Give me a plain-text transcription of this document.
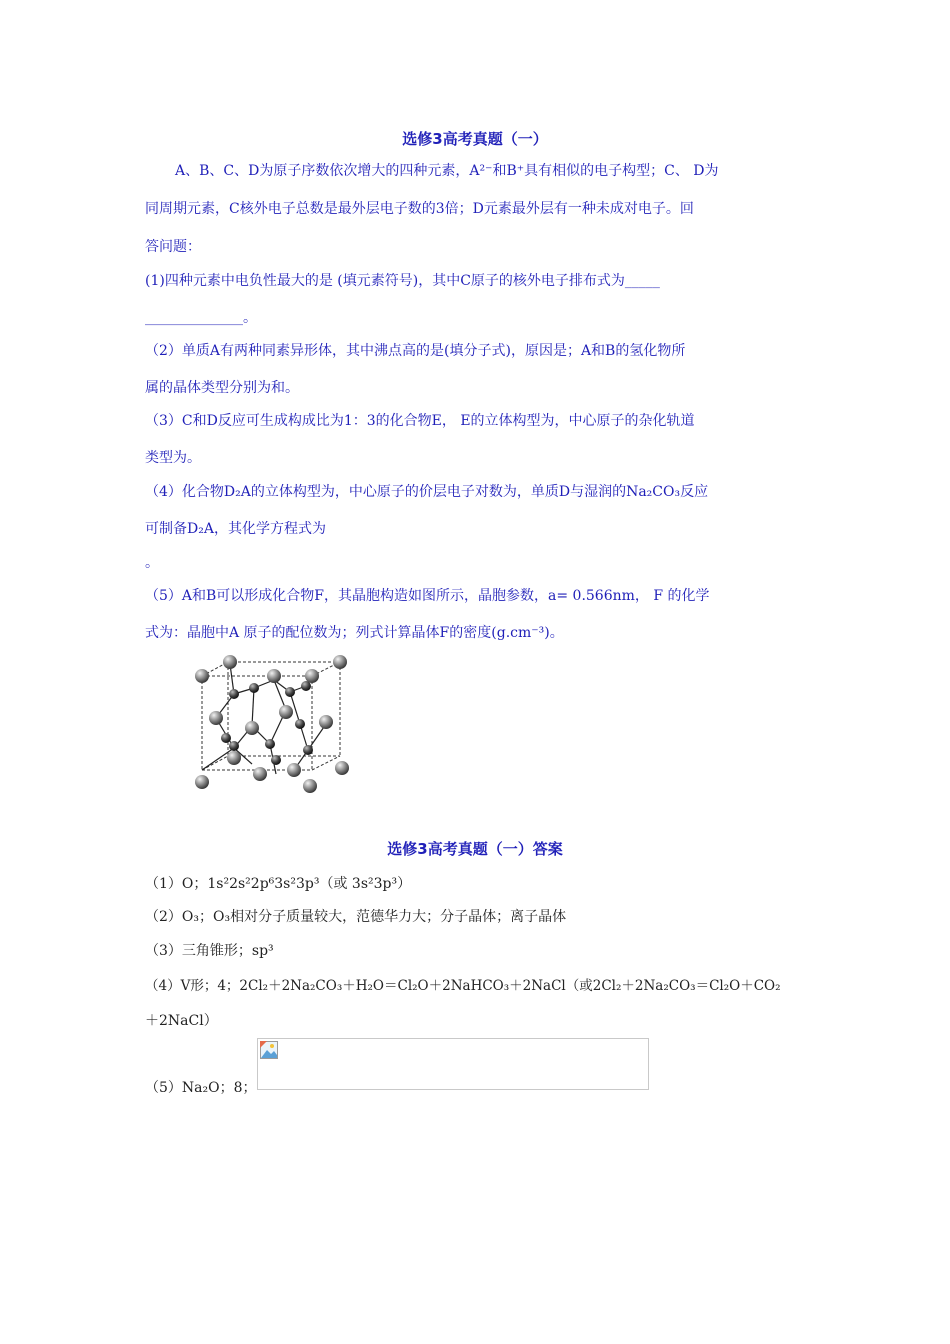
选修3高考真题（一）
A、B、C、D为原子序数依次增大的四种元素，A²⁻和B⁺具有相似的电子构型；C、 D为
同周期元素，C核外电子总数是最外层电子数的3倍；D元素最外层有一种未成对电子。回
答问题：
(1)四种元素中电负性最大的是 (填元素符号)，其中C原子的核外电子排布式为_____
______________。
（2）单质A有两种同素异形体，其中沸点高的是(填分子式)，原因是；A和B的氢化物所
属的晶体类型分别为和。
（3）C和D反应可生成构成比为1：3的化合物E， E的立体构型为，中心原子的杂化轨道
类型为。
（4）化合物D₂A的立体构型为，中心原子的价层电子对数为，单质D与湿润的Na₂CO₃反应
可制备D₂A，其化学方程式为
。
（5）A和B可以形成化合物F，其晶胞构造如图所示，晶胞参数，a= 0.566nm， F 的化学
式为：晶胞中A 原子的配位数为；列式计算晶体F的密度(g.cm⁻³)。
选修3高考真题（一）答案
（1）O；1s²2s²2p⁶3s²3p³（或 3s²3p³）
（2）O₃；O₃相对分子质量较大，范德华力大；分子晶体；离子晶体
（3）三角锥形；sp³
（4）V形；4；2Cl₂＋2Na₂CO₃＋H₂O＝Cl₂O＋2NaHCO₃＋2NaCl（或2Cl₂＋2Na₂CO₃＝Cl₂O＋CO₂
＋2NaCl）
（5）Na₂O；8；
